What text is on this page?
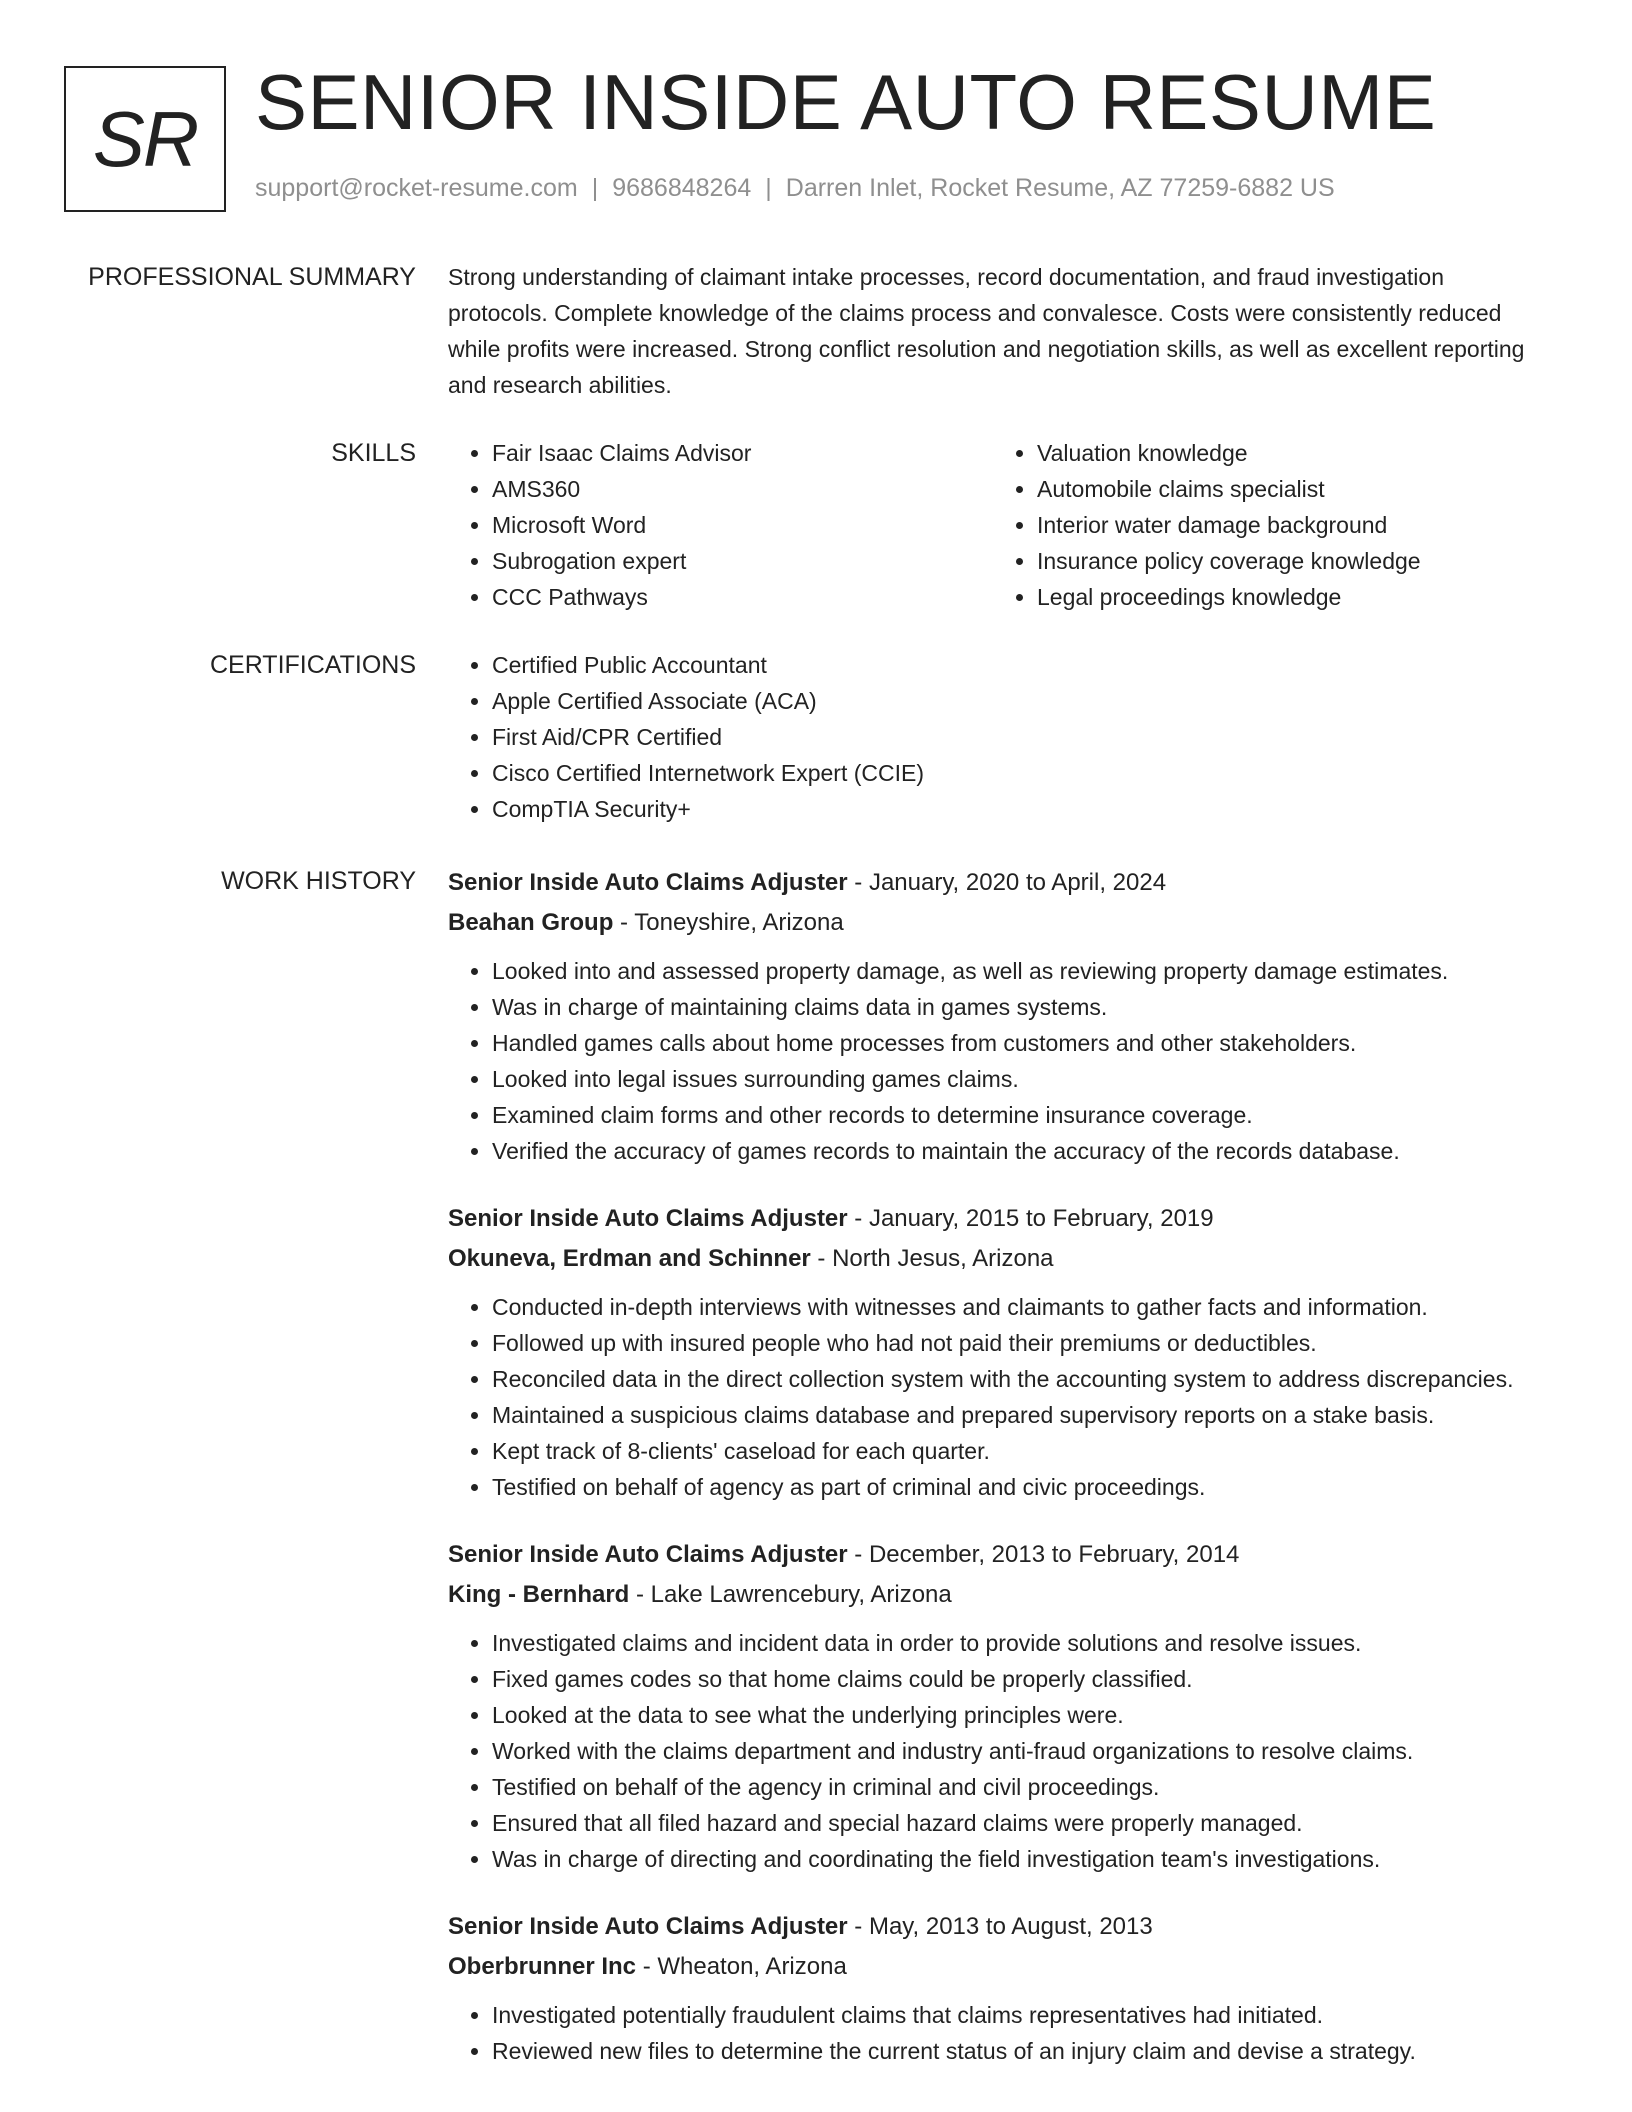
SR SENIOR INSIDE AUTO RESUME
support@rocket-resume.com | 9686848264 | Darren Inlet, Rocket Resume, AZ 77259-6882 US
PROFESSIONAL SUMMARY Strong understanding of claimant intake processes, record documentation, and fraud investigation protocols. Complete knowledge of the claims process and convalesce. Costs were consistently reduced while profits were increased. Strong conflict resolution and negotiation skills, as well as excellent reporting and research abilities.

SKILLS	• Fair Isaac Claims Advisor
• AMS360
• Microsoft Word
• Subrogation expert
• CCC Pathways
• Valuation knowledge
• Automobile claims specialist
• Interior water damage background
• Insurance policy coverage knowledge
• Legal proceedings knowledge
CERTIFICATIONS	• Certified Public Accountant
• Apple Certified Associate (ACA)
• First Aid/CPR Certified
• Cisco Certified Internetwork Expert (CCIE)
• CompTIA Security+
WORK HISTORY Senior Inside Auto Claims Adjuster - January, 2020 to April, 2024
Beahan Group - Toneyshire, Arizona
• Looked into and assessed property damage, as well as reviewing property damage estimates.
• Was in charge of maintaining claims data in games systems.
• Handled games calls about home processes from customers and other stakeholders.
• Looked into legal issues surrounding games claims.
• Examined claim forms and other records to determine insurance coverage.
• Verified the accuracy of games records to maintain the accuracy of the records database.
Senior Inside Auto Claims Adjuster - January, 2015 to February, 2019
Okuneva, Erdman and Schinner - North Jesus, Arizona
• Conducted in-depth interviews with witnesses and claimants to gather facts and information.
• Followed up with insured people who had not paid their premiums or deductibles.
• Reconciled data in the direct collection system with the accounting system to address discrepancies.
• Maintained a suspicious claims database and prepared supervisory reports on a stake basis.
• Kept track of 8-clients' caseload for each quarter.
• Testified on behalf of agency as part of criminal and civic proceedings.
Senior Inside Auto Claims Adjuster - December, 2013 to February, 2014
King - Bernhard - Lake Lawrencebury, Arizona
• Investigated claims and incident data in order to provide solutions and resolve issues.
• Fixed games codes so that home claims could be properly classified.
• Looked at the data to see what the underlying principles were.
• Worked with the claims department and industry anti-fraud organizations to resolve claims.
• Testified on behalf of the agency in criminal and civil proceedings.
• Ensured that all filed hazard and special hazard claims were properly managed.
• Was in charge of directing and coordinating the field investigation team's investigations.
Senior Inside Auto Claims Adjuster - May, 2013 to August, 2013
Oberbrunner Inc - Wheaton, Arizona
• Investigated potentially fraudulent claims that claims representatives had initiated.
• Reviewed new files to determine the current status of an injury claim and devise a strategy.
